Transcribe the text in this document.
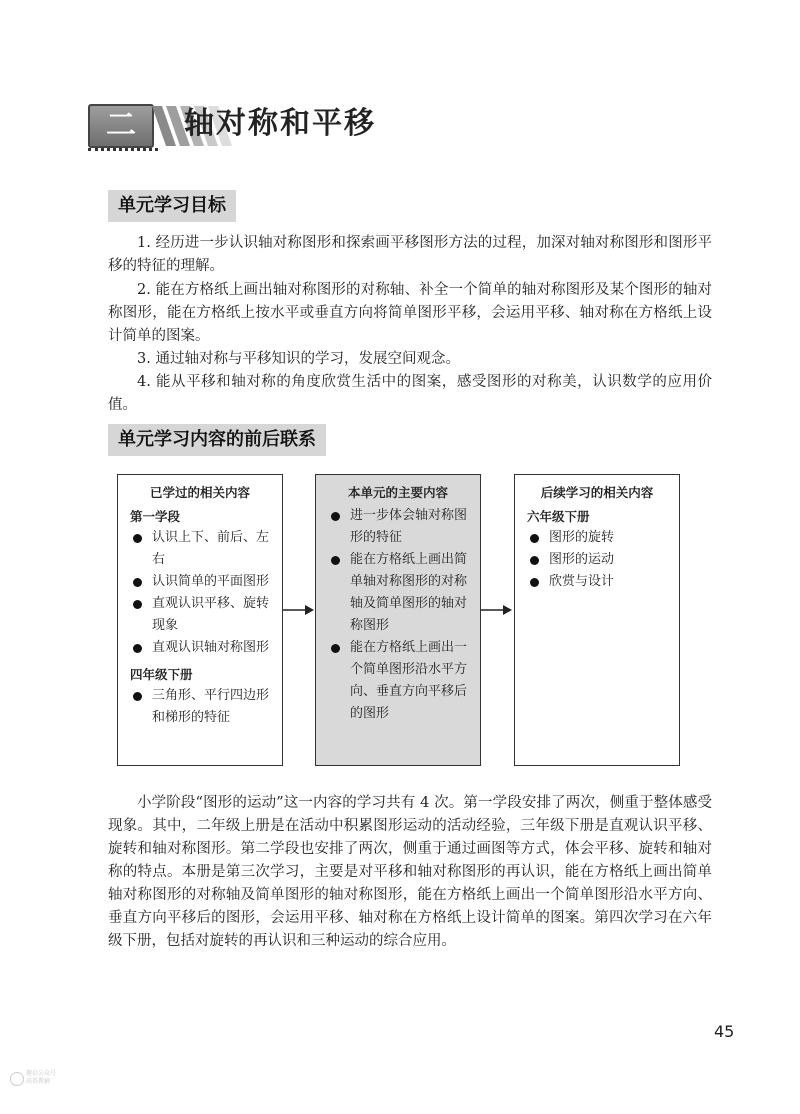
二	轴对称和平移
单元学习目标
1. 经历进一步认识轴对称图形和探索画平移图形方法的过程，加深对轴对称图形和图形平移的特征的理解。
2. 能在方格纸上画出轴对称图形的对称轴、补全一个简单的轴对称图形及某个图形的轴对称图形，能在方格纸上按水平或垂直方向将简单图形平移，会运用平移、轴对称在方格纸上设计简单的图案。
3. 通过轴对称与平移知识的学习，发展空间观念。
4. 能从平移和轴对称的角度欣赏生活中的图案，感受图形的对称美，认识数学的应用价值。
单元学习内容的前后联系
已学过的相关内容
第一学段
认识上下、前后、左右
认识简单的平面图形
直观认识平移、旋转现象
直观认识轴对称图形
四年级下册
三角形、平行四边形和梯形的特征
本单元的主要内容
进一步体会轴对称图形的特征
能在方格纸上画出简单轴对称图形的对称轴及简单图形的轴对称图形
能在方格纸上画出一个简单图形沿水平方向、垂直方向平移后的图形
后续学习的相关内容
六年级下册
图形的旋转
图形的运动
欣赏与设计
小学阶段“图形的运动”这一内容的学习共有 4 次。第一学段安排了两次，侧重于整体感受现象。其中，二年级上册是在活动中积累图形运动的活动经验，三年级下册是直观认识平移、旋转和轴对称图形。第二学段也安排了两次，侧重于通过画图等方式，体会平移、旋转和轴对称的特点。本册是第三次学习，主要是对平移和轴对称图形的再认识，能在方格纸上画出简单轴对称图形的对称轴及简单图形的轴对称图形，能在方格纸上画出一个简单图形沿水平方向、垂直方向平移后的图形，会运用平移、轴对称在方格纸上设计简单的图案。第四次学习在六年级下册，包括对旋转的再认识和三种运动的综合应用。
45
趣启公众号
高基教辅
